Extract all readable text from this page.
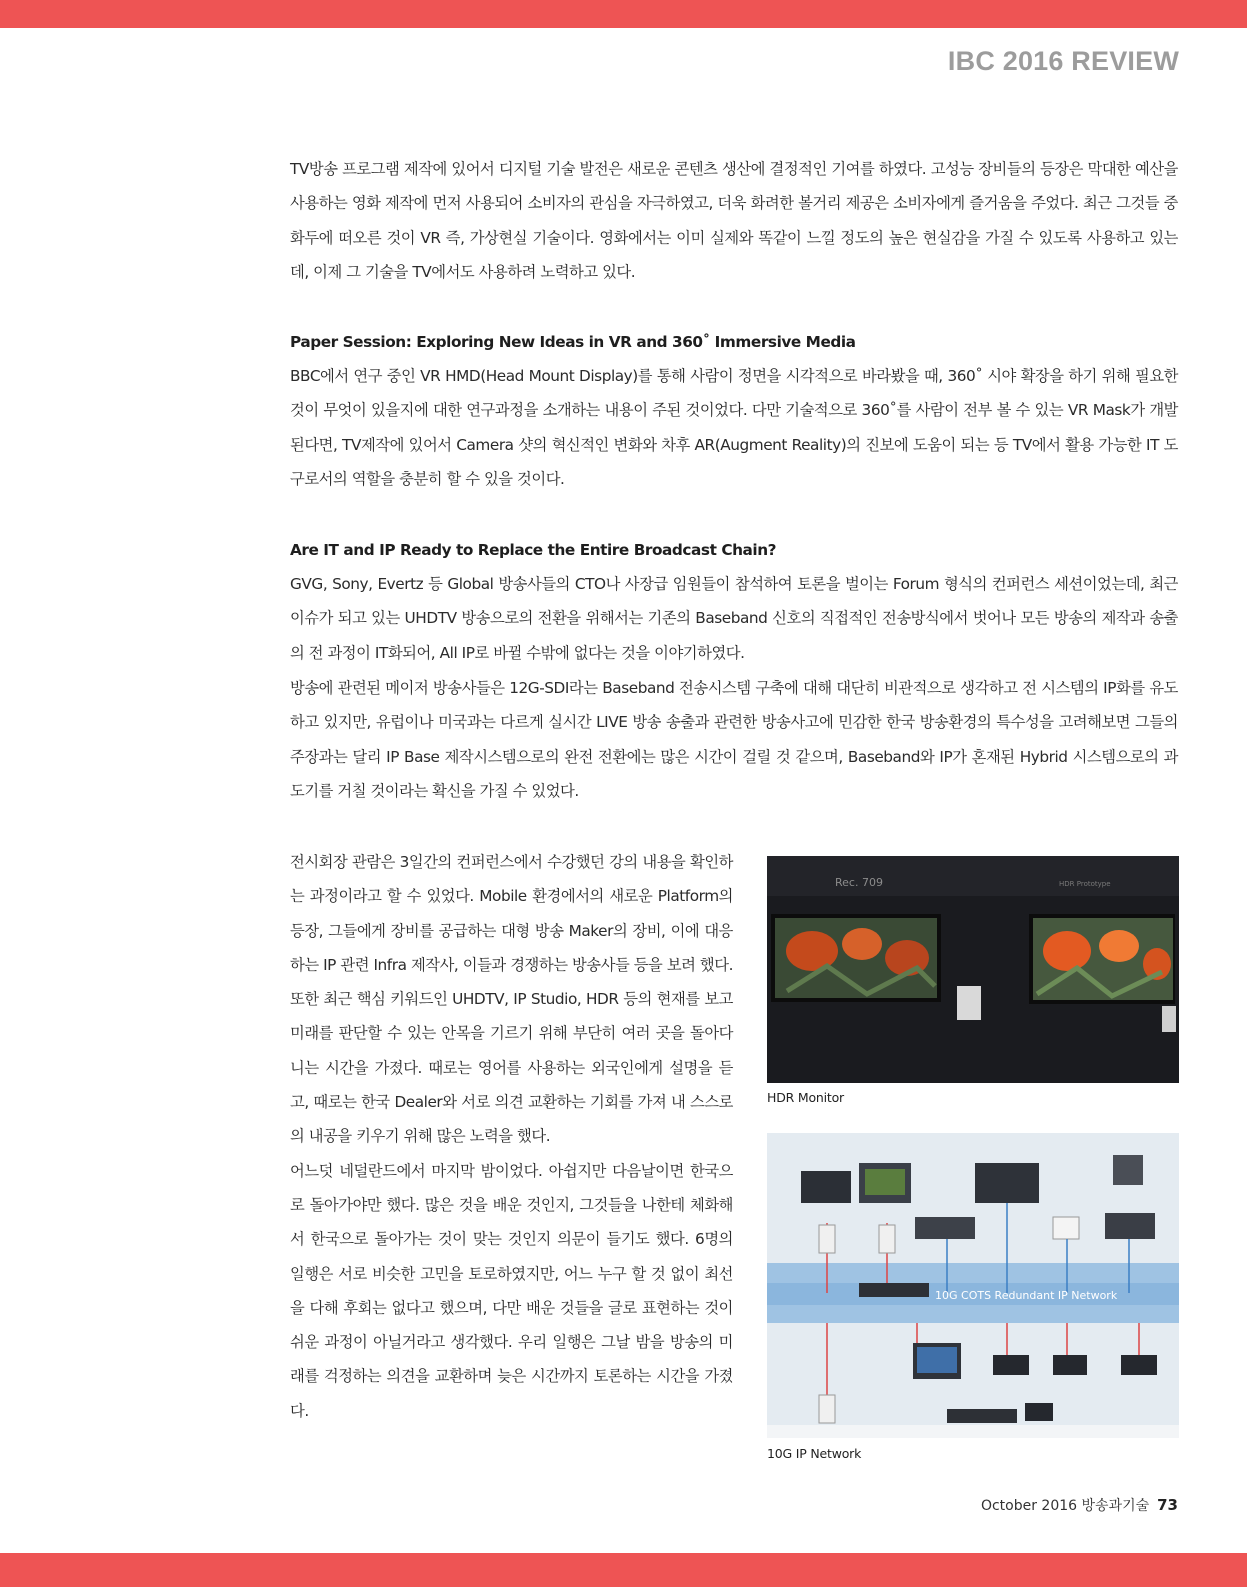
IBC 2016 REVIEW

TV방송 프로그램 제작에 있어서 디지털 기술 발전은 새로운 콘텐츠 생산에 결정적인 기여를 하였다. 고성능 장비들의 등장은 막대한 예산을 사용하는 영화 제작에 먼저 사용되어 소비자의 관심을 자극하였고, 더욱 화려한 볼거리 제공은 소비자에게 즐거움을 주었다. 최근 그것들 중 화두에 떠오른 것이 VR 즉, 가상현실 기술이다. 영화에서는 이미 실제와 똑같이 느낄 정도의 높은 현실감을 가질 수 있도록 사용하고 있는데, 이제 그 기술을 TV에서도 사용하려 노력하고 있다.

Paper Session: Exploring New Ideas in VR and 360˚ Immersive Media

BBC에서 연구 중인 VR HMD(Head Mount Display)를 통해 사람이 정면을 시각적으로 바라봤을 때, 360˚ 시야 확장을 하기 위해 필요한 것이 무엇이 있을지에 대한 연구과정을 소개하는 내용이 주된 것이었다. 다만 기술적으로 360˚를 사람이 전부 볼 수 있는 VR Mask가 개발된다면, TV제작에 있어서 Camera 샷의 혁신적인 변화와 차후 AR(Augment Reality)의 진보에 도움이 되는 등 TV에서 활용 가능한 IT 도구로서의 역할을 충분히 할 수 있을 것이다.

Are IT and IP Ready to Replace the Entire Broadcast Chain?

GVG, Sony, Evertz 등 Global 방송사들의 CTO나 사장급 임원들이 참석하여 토론을 벌이는 Forum 형식의 컨퍼런스 세션이었는데, 최근 이슈가 되고 있는 UHDTV 방송으로의 전환을 위해서는 기존의 Baseband 신호의 직접적인 전송방식에서 벗어나 모든 방송의 제작과 송출의 전 과정이 IT화되어, All IP로 바뀔 수밖에 없다는 것을 이야기하였다.

방송에 관련된 메이저 방송사들은 12G-SDI라는 Baseband 전송시스템 구축에 대해 대단히 비관적으로 생각하고 전 시스템의 IP화를 유도하고 있지만, 유럽이나 미국과는 다르게 실시간 LIVE 방송 송출과 관련한 방송사고에 민감한 한국 방송환경의 특수성을 고려해보면 그들의 주장과는 달리 IP Base 제작시스템으로의 완전 전환에는 많은 시간이 걸릴 것 같으며, Baseband와 IP가 혼재된 Hybrid 시스템으로의 과도기를 거칠 것이라는 확신을 가질 수 있었다.

전시회장 관람은 3일간의 컨퍼런스에서 수강했던 강의 내용을 확인하는 과정이라고 할 수 있었다. Mobile 환경에서의 새로운 Platform의 등장, 그들에게 장비를 공급하는 대형 방송 Maker의 장비, 이에 대응하는 IP 관련 Infra 제작사, 이들과 경쟁하는 방송사들 등을 보려 했다. 또한 최근 핵심 키워드인 UHDTV, IP Studio, HDR 등의 현재를 보고 미래를 판단할 수 있는 안목을 기르기 위해 부단히 여러 곳을 돌아다니는 시간을 가졌다. 때로는 영어를 사용하는 외국인에게 설명을 듣고, 때로는 한국 Dealer와 서로 의견 교환하는 기회를 가져 내 스스로의 내공을 키우기 위해 많은 노력을 했다.

어느덧 네덜란드에서 마지막 밤이었다. 아쉽지만 다음날이면 한국으로 돌아가야만 했다. 많은 것을 배운 것인지, 그것들을 나한테 체화해서 한국으로 돌아가는 것이 맞는 것인지 의문이 들기도 했다. 6명의 일행은 서로 비슷한 고민을 토로하였지만, 어느 누구 할 것 없이 최선을 다해 후회는 없다고 했으며, 다만 배운 것들을 글로 표현하는 것이 쉬운 과정이 아닐거라고 생각했다. 우리 일행은 그날 밤을 방송의 미래를 걱정하는 의견을 교환하며 늦은 시간까지 토론하는 시간을 가졌다.

Rec. 709	HDR Prototype
HDR Monitor
10G COTS Redundant IP Network
10G IP Network
October 2016 방송과기술 73
